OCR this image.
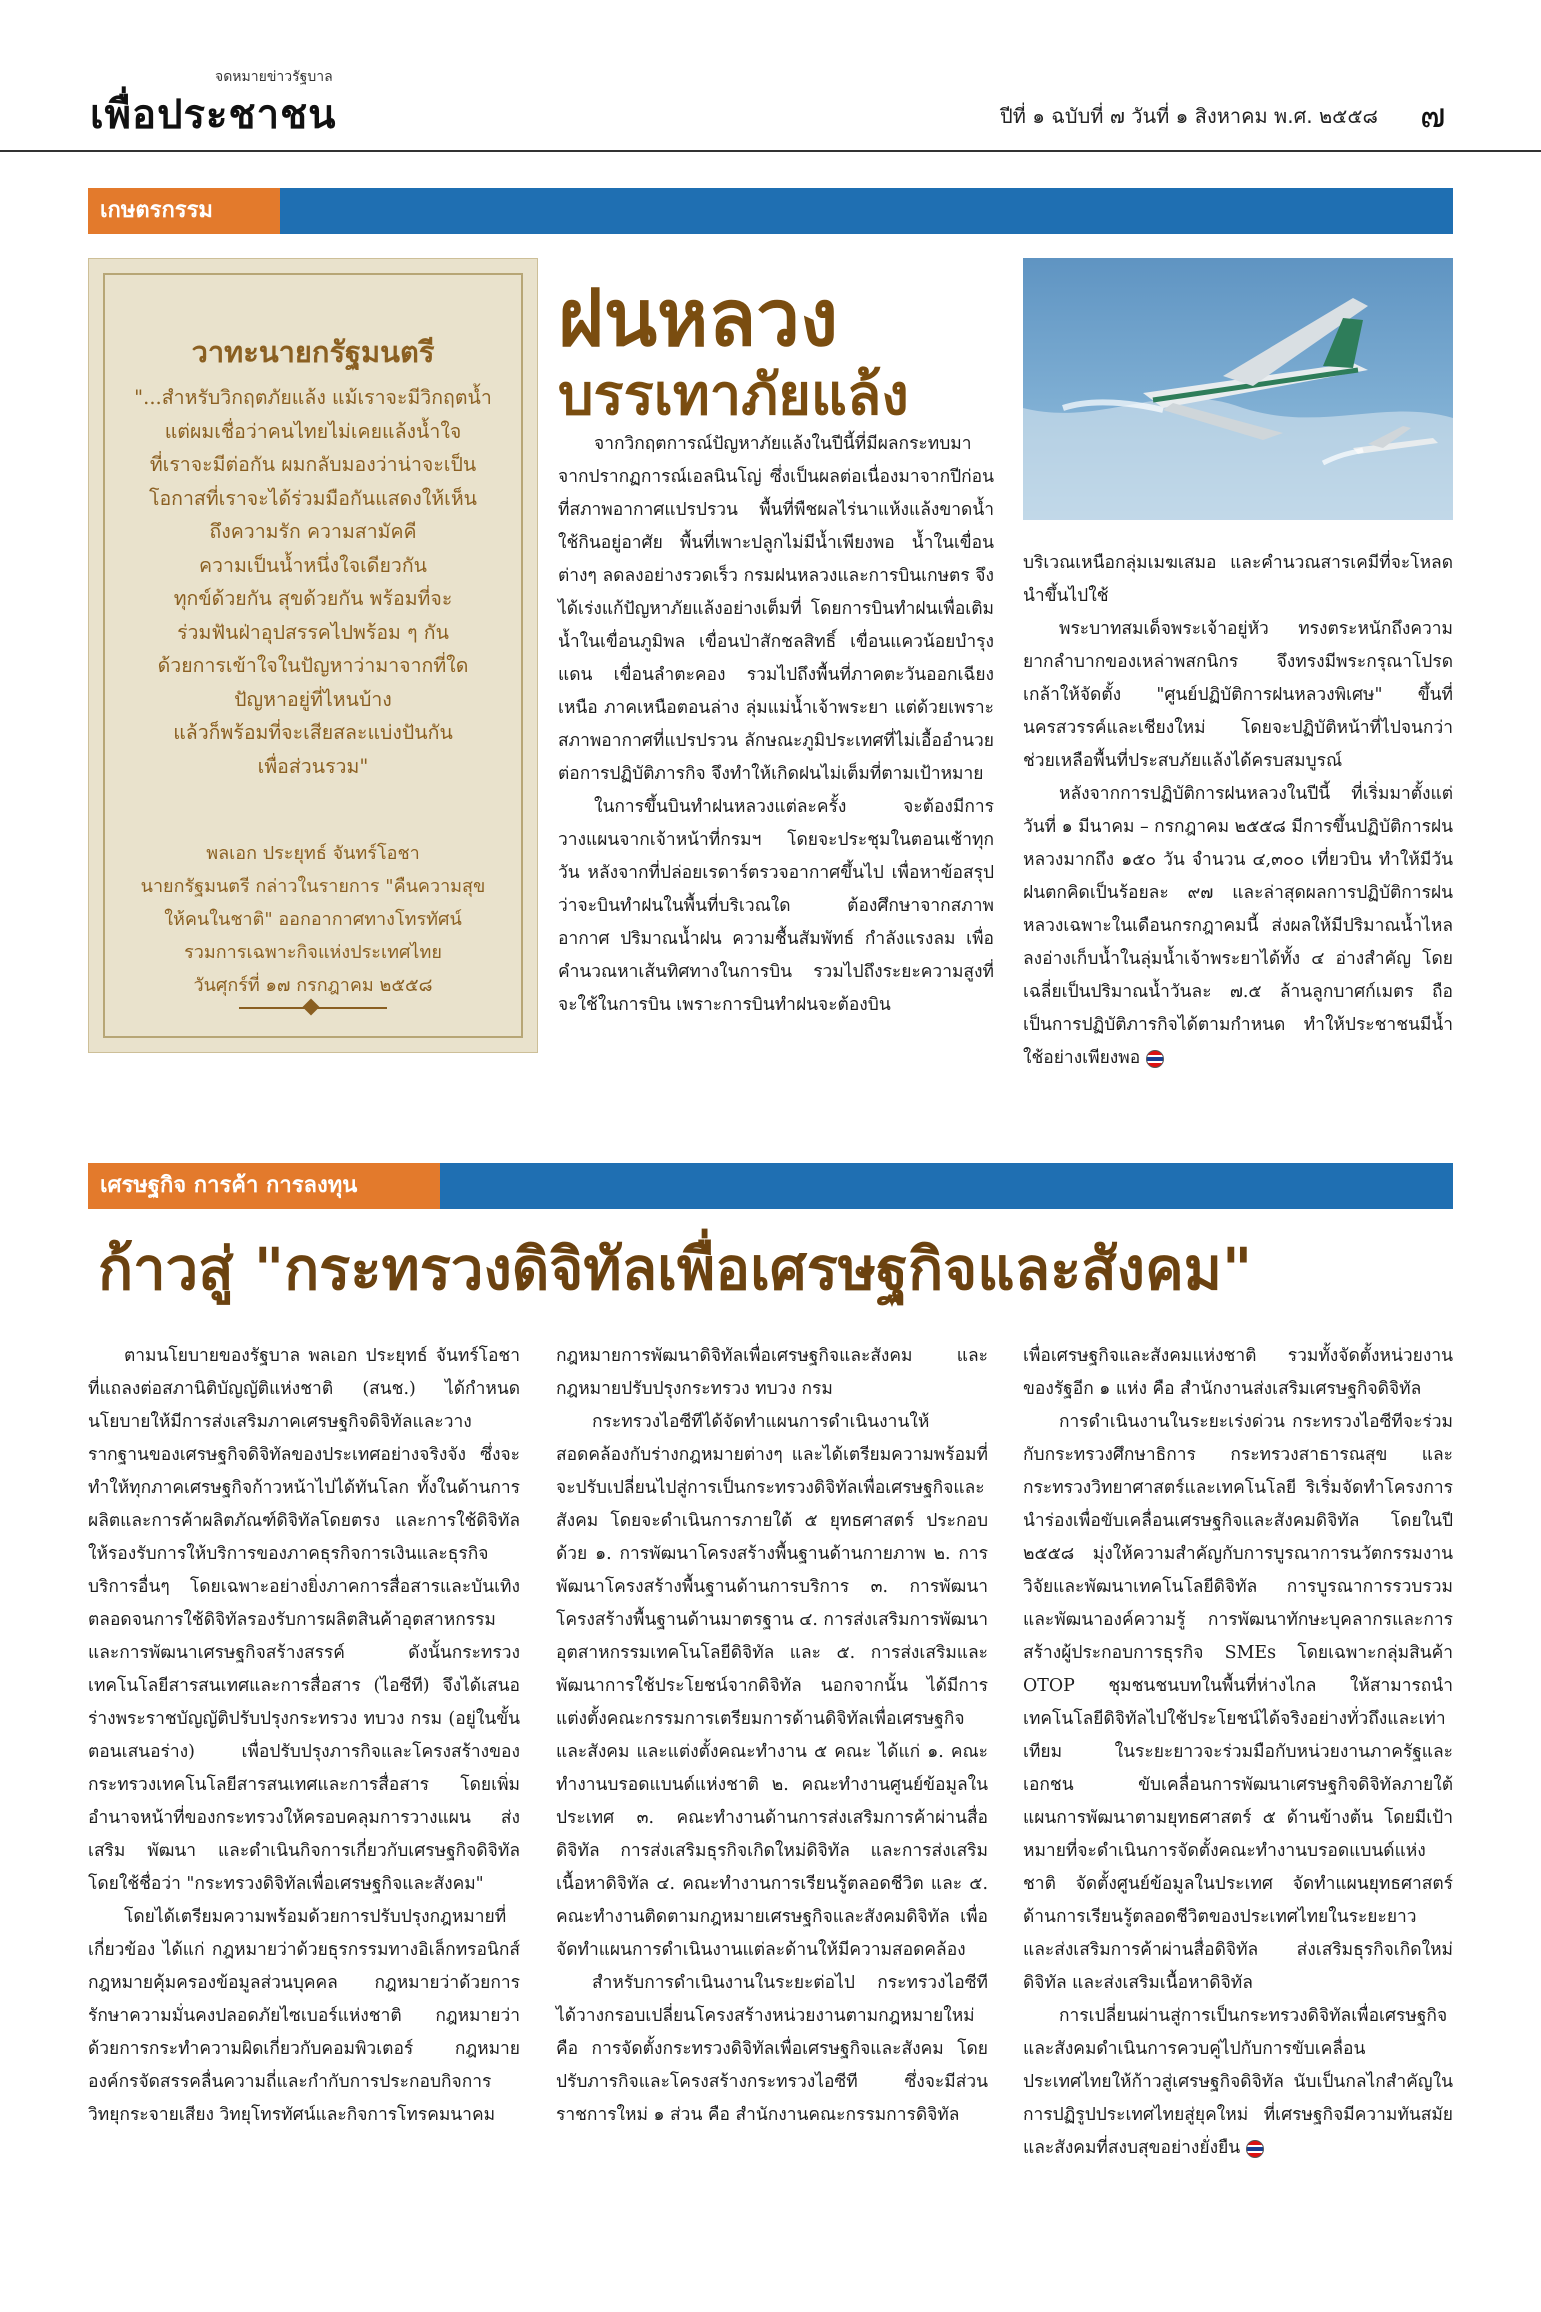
จดหมายข่าวรัฐบาล
เพื่อประชาชน	ปีที่ ๑ ฉบับที่ ๗ วันที่ ๑ สิงหาคม พ.ศ. ๒๕๕๘ ๗
เกษตรกรรม
วาทะนายกรัฐมนตรี
"...สำหรับวิกฤตภัยแล้ง แม้เราจะมีวิกฤตน้ำ
แต่ผมเชื่อว่าคนไทยไม่เคยแล้งน้ำใจ
ที่เราจะมีต่อกัน ผมกลับมองว่าน่าจะเป็น
โอกาสที่เราจะได้ร่วมมือกันแสดงให้เห็น
ถึงความรัก ความสามัคคี
ความเป็นน้ำหนึ่งใจเดียวกัน
ทุกข์ด้วยกัน สุขด้วยกัน พร้อมที่จะ
ร่วมฟันฝ่าอุปสรรคไปพร้อม ๆ กัน
ด้วยการเข้าใจในปัญหาว่ามาจากที่ใด
ปัญหาอยู่ที่ไหนบ้าง
แล้วก็พร้อมที่จะเสียสละแบ่งปันกัน
เพื่อส่วนรวม"
พลเอก ประยุทธ์ จันทร์โอชา
นายกรัฐมนตรี กล่าวในรายการ "คืนความสุข
ให้คนในชาติ" ออกอากาศทางโทรทัศน์
รวมการเฉพาะกิจแห่งประเทศไทย
วันศุกร์ที่ ๑๗ กรกฎาคม ๒๕๕๘
ฝนหลวง
บรรเทาภัยแล้ง

จากวิกฤตการณ์ปัญหาภัยแล้งในปีนี้ที่มีผลกระทบมาจากปรากฏการณ์เอลนินโญ่ ซึ่งเป็นผลต่อเนื่องมาจากปีก่อนที่สภาพอากาศแปรปรวน พื้นที่พืชผลไร่นาแห้งแล้งขาดน้ำใช้กินอยู่อาศัย พื้นที่เพาะปลูกไม่มีน้ำเพียงพอ น้ำในเขื่อนต่างๆ ลดลงอย่างรวดเร็ว กรมฝนหลวงและการบินเกษตร จึงได้เร่งแก้ปัญหาภัยแล้งอย่างเต็มที่ โดยการบินทำฝนเพื่อเติมน้ำในเขื่อนภูมิพล เขื่อนป่าสักชลสิทธิ์ เขื่อนแควน้อยบำรุงแดน เขื่อนลำตะคอง รวมไปถึงพื้นที่ภาคตะวันออกเฉียงเหนือ ภาคเหนือตอนล่าง ลุ่มแม่น้ำเจ้าพระยา แต่ด้วยเพราะสภาพอากาศที่แปรปรวน ลักษณะภูมิประเทศที่ไม่เอื้ออำนวยต่อการปฏิบัติภารกิจ จึงทำให้เกิดฝนไม่เต็มที่ตามเป้าหมาย

ในการขึ้นบินทำฝนหลวงแต่ละครั้ง จะต้องมีการวางแผนจากเจ้าหน้าที่กรมฯ โดยจะประชุมในตอนเช้าทุกวัน หลังจากที่ปล่อยเรดาร์ตรวจอากาศขึ้นไป เพื่อหาข้อสรุปว่าจะบินทำฝนในพื้นที่บริเวณใด ต้องศึกษาจากสภาพอากาศ ปริมาณน้ำฝน ความชื้นสัมพัทธ์ กำลังแรงลม เพื่อคำนวณหาเส้นทิศทางในการบิน รวมไปถึงระยะความสูงที่จะใช้ในการบิน เพราะการบินทำฝนจะต้องบิน

บริเวณเหนือกลุ่มเมฆเสมอ และคำนวณสารเคมีที่จะโหลดนำขึ้นไปใช้

พระบาทสมเด็จพระเจ้าอยู่หัว ทรงตระหนักถึงความยากลำบากของเหล่าพสกนิกร จึงทรงมีพระกรุณาโปรดเกล้าให้จัดตั้ง "ศูนย์ปฏิบัติการฝนหลวงพิเศษ" ขึ้นที่นครสวรรค์และเชียงใหม่ โดยจะปฏิบัติหน้าที่ไปจนกว่าช่วยเหลือพื้นที่ประสบภัยแล้งได้ครบสมบูรณ์

หลังจากการปฏิบัติการฝนหลวงในปีนี้ ที่เริ่มมาตั้งแต่วันที่ ๑ มีนาคม – กรกฎาคม ๒๕๕๘ มีการขึ้นปฏิบัติการฝนหลวงมากถึง ๑๕๐ วัน จำนวน ๔,๓๐๐ เที่ยวบิน ทำให้มีวันฝนตกคิดเป็นร้อยละ ๙๗ และล่าสุดผลการปฏิบัติการฝนหลวงเฉพาะในเดือนกรกฎาคมนี้ ส่งผลให้มีปริมาณน้ำไหลลงอ่างเก็บน้ำในลุ่มน้ำเจ้าพระยาได้ทั้ง ๔ อ่างสำคัญ โดยเฉลี่ยเป็นปริมาณน้ำวันละ ๗.๕ ล้านลูกบาศก์เมตร ถือเป็นการปฏิบัติภารกิจได้ตามกำหนด ทำให้ประชาชนมีน้ำใช้อย่างเพียงพอ

เศรษฐกิจ การค้า การลงทุน
ก้าวสู่ "กระทรวงดิจิทัลเพื่อเศรษฐกิจและสังคม"

ตามนโยบายของรัฐบาล พลเอก ประยุทธ์ จันทร์โอชา ที่แถลงต่อสภานิติบัญญัติแห่งชาติ (สนช.) ได้กำหนดนโยบายให้มีการส่งเสริมภาคเศรษฐกิจดิจิทัลและวางรากฐานของเศรษฐกิจดิจิทัลของประเทศอย่างจริงจัง ซึ่งจะทำให้ทุกภาคเศรษฐกิจก้าวหน้าไปได้ทันโลก ทั้งในด้านการผลิตและการค้าผลิตภัณฑ์ดิจิทัลโดยตรง และการใช้ดิจิทัลให้รองรับการให้บริการของภาคธุรกิจการเงินและธุรกิจบริการอื่นๆ โดยเฉพาะอย่างยิ่งภาคการสื่อสารและบันเทิง ตลอดจนการใช้ดิจิทัลรองรับการผลิตสินค้าอุตสาหกรรมและการพัฒนาเศรษฐกิจสร้างสรรค์ ดังนั้นกระทรวงเทคโนโลยีสารสนเทศและการสื่อสาร (ไอซีที) จึงได้เสนอร่างพระราชบัญญัติปรับปรุงกระทรวง ทบวง กรม (อยู่ในขั้นตอนเสนอร่าง) เพื่อปรับปรุงภารกิจและโครงสร้างของกระทรวงเทคโนโลยีสารสนเทศและการสื่อสาร โดยเพิ่มอำนาจหน้าที่ของกระทรวงให้ครอบคลุมการวางแผน ส่งเสริม พัฒนา และดำเนินกิจการเกี่ยวกับเศรษฐกิจดิจิทัล โดยใช้ชื่อว่า "กระทรวงดิจิทัลเพื่อเศรษฐกิจและสังคม"

โดยได้เตรียมความพร้อมด้วยการปรับปรุงกฎหมายที่เกี่ยวข้อง ได้แก่ กฎหมายว่าด้วยธุรกรรมทางอิเล็กทรอนิกส์ กฎหมายคุ้มครองข้อมูลส่วนบุคคล กฎหมายว่าด้วยการรักษาความมั่นคงปลอดภัยไซเบอร์แห่งชาติ กฎหมายว่าด้วยการกระทำความผิดเกี่ยวกับคอมพิวเตอร์ กฎหมายองค์กรจัดสรรคลื่นความถี่และกำกับการประกอบกิจการวิทยุกระจายเสียง วิทยุโทรทัศน์และกิจการโทรคมนาคม

กฎหมายการพัฒนาดิจิทัลเพื่อเศรษฐกิจและสังคม และกฎหมายปรับปรุงกระทรวง ทบวง กรม

กระทรวงไอซีทีได้จัดทำแผนการดำเนินงานให้สอดคล้องกับร่างกฎหมายต่างๆ และได้เตรียมความพร้อมที่จะปรับเปลี่ยนไปสู่การเป็นกระทรวงดิจิทัลเพื่อเศรษฐกิจและสังคม โดยจะดำเนินการภายใต้ ๕ ยุทธศาสตร์ ประกอบด้วย ๑. การพัฒนาโครงสร้างพื้นฐานด้านกายภาพ ๒. การพัฒนาโครงสร้างพื้นฐานด้านการบริการ ๓. การพัฒนาโครงสร้างพื้นฐานด้านมาตรฐาน ๔. การส่งเสริมการพัฒนาอุตสาหกรรมเทคโนโลยีดิจิทัล และ ๕. การส่งเสริมและพัฒนาการใช้ประโยชน์จากดิจิทัล นอกจากนั้น ได้มีการแต่งตั้งคณะกรรมการเตรียมการด้านดิจิทัลเพื่อเศรษฐกิจและสังคม และแต่งตั้งคณะทำงาน ๕ คณะ ได้แก่ ๑. คณะทำงานบรอดแบนด์แห่งชาติ ๒. คณะทำงานศูนย์ข้อมูลในประเทศ ๓. คณะทำงานด้านการส่งเสริมการค้าผ่านสื่อดิจิทัล การส่งเสริมธุรกิจเกิดใหม่ดิจิทัล และการส่งเสริมเนื้อหาดิจิทัล ๔. คณะทำงานการเรียนรู้ตลอดชีวิต และ ๕. คณะทำงานติดตามกฎหมายเศรษฐกิจและสังคมดิจิทัล เพื่อจัดทำแผนการดำเนินงานแต่ละด้านให้มีความสอดคล้อง

สำหรับการดำเนินงานในระยะต่อไป กระทรวงไอซีทีได้วางกรอบเปลี่ยนโครงสร้างหน่วยงานตามกฎหมายใหม่ คือ การจัดตั้งกระทรวงดิจิทัลเพื่อเศรษฐกิจและสังคม โดยปรับภารกิจและโครงสร้างกระทรวงไอซีที ซึ่งจะมีส่วนราชการใหม่ ๑ ส่วน คือ สำนักงานคณะกรรมการดิจิทัล

เพื่อเศรษฐกิจและสังคมแห่งชาติ รวมทั้งจัดตั้งหน่วยงานของรัฐอีก ๑ แห่ง คือ สำนักงานส่งเสริมเศรษฐกิจดิจิทัล

การดำเนินงานในระยะเร่งด่วน กระทรวงไอซีทีจะร่วมกับกระทรวงศึกษาธิการ กระทรวงสาธารณสุข และกระทรวงวิทยาศาสตร์และเทคโนโลยี ริเริ่มจัดทำโครงการนำร่องเพื่อขับเคลื่อนเศรษฐกิจและสังคมดิจิทัล โดยในปี ๒๕๕๘ มุ่งให้ความสำคัญกับการบูรณาการนวัตกรรมงานวิจัยและพัฒนาเทคโนโลยีดิจิทัล การบูรณาการรวบรวมและพัฒนาองค์ความรู้ การพัฒนาทักษะบุคลากรและการสร้างผู้ประกอบการธุรกิจ SMEs โดยเฉพาะกลุ่มสินค้า OTOP ชุมชนชนบทในพื้นที่ห่างไกล ให้สามารถนำเทคโนโลยีดิจิทัลไปใช้ประโยชน์ได้จริงอย่างทั่วถึงและเท่าเทียม ในระยะยาวจะร่วมมือกับหน่วยงานภาครัฐและเอกชน ขับเคลื่อนการพัฒนาเศรษฐกิจดิจิทัลภายใต้แผนการพัฒนาตามยุทธศาสตร์ ๕ ด้านข้างต้น โดยมีเป้าหมายที่จะดำเนินการจัดตั้งคณะทำงานบรอดแบนด์แห่งชาติ จัดตั้งศูนย์ข้อมูลในประเทศ จัดทำแผนยุทธศาสตร์ด้านการเรียนรู้ตลอดชีวิตของประเทศไทยในระยะยาว และส่งเสริมการค้าผ่านสื่อดิจิทัล ส่งเสริมธุรกิจเกิดใหม่ดิจิทัล และส่งเสริมเนื้อหาดิจิทัล

การเปลี่ยนผ่านสู่การเป็นกระทรวงดิจิทัลเพื่อเศรษฐกิจและสังคมดำเนินการควบคู่ไปกับการขับเคลื่อนประเทศไทยให้ก้าวสู่เศรษฐกิจดิจิทัล นับเป็นกลไกสำคัญในการปฏิรูปประเทศไทยสู่ยุคใหม่ ที่เศรษฐกิจมีความทันสมัยและสังคมที่สงบสุขอย่างยั่งยืน
